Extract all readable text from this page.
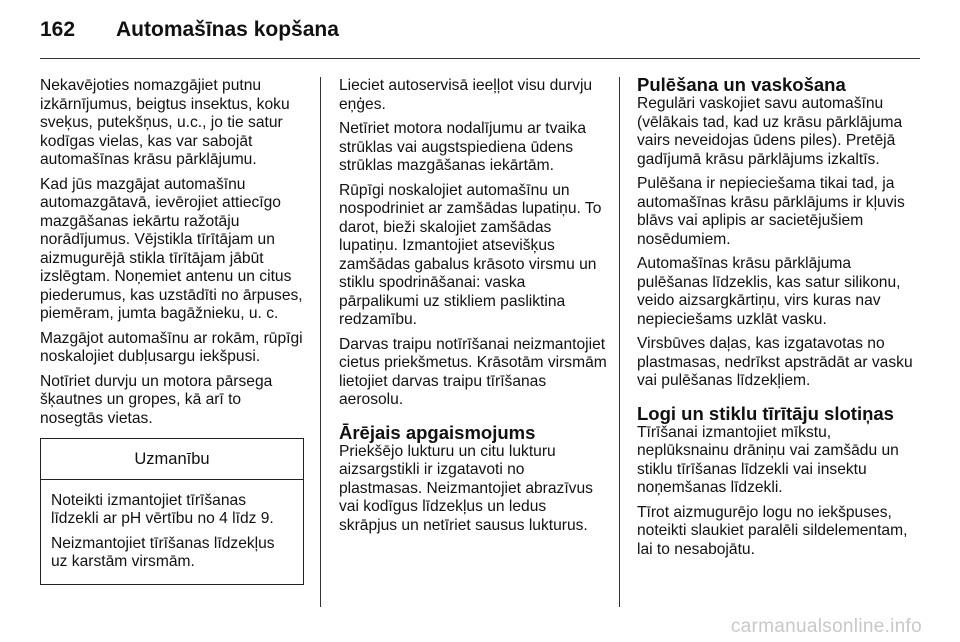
162	Automašīnas kopšana

Nekavējoties nomazgājiet putnu izkārnījumus, beigtus insektus, koku sveķus, putekšņus, u.c., jo tie satur kodīgas vielas, kas var sabojāt automašīnas krāsu pārklājumu.

Kad jūs mazgājat automašīnu automazgātavā, ievērojiet attiecīgo mazgāšanas iekārtu ražotāju norādījumus. Vējstikla tīrītājam un aizmugurējā stikla tīrītājam jābūt izslēgtam. Noņemiet antenu un citus piederumus, kas uzstādīti no ārpuses, piemēram, jumta bagāžnieku, u. c.

Mazgājot automašīnu ar rokām, rūpīgi noskalojiet dubļusargu iekšpusi.

Notīriet durvju un motora pārsega šķautnes un gropes, kā arī to nosegtās vietas.

Uzmanību

Noteikti izmantojiet tīrīšanas līdzekli ar pH vērtību no 4 līdz 9.

Neizmantojiet tīrīšanas līdzekļus uz karstām virsmām.

Lieciet autoservisā ieeļļot visu durvju eņģes.

Netīriet motora nodalījumu ar tvaika strūklas vai augstspiediena ūdens strūklas mazgāšanas iekārtām.

Rūpīgi noskalojiet automašīnu un nospodriniet ar zamšādas lupatiņu. To darot, bieži skalojiet zamšādas lupatiņu. Izmantojiet atsevišķus zamšādas gabalus krāsoto virsmu un stiklu spodrināšanai: vaska pārpalikumi uz stikliem pasliktina redzamību.

Darvas traipu notīrīšanai neizmantojiet cietus priekšmetus. Krāsotām virsmām lietojiet darvas traipu tīrīšanas aerosolu.

Ārējais apgaismojums

Priekšējo lukturu un citu lukturu aizsargstikli ir izgatavoti no plastmasas. Neizmantojiet abrazīvus vai kodīgus līdzekļus un ledus skrāpjus un netīriet sausus lukturus.

Pulēšana un vaskošana

Regulāri vaskojiet savu automašīnu (vēlākais tad, kad uz krāsu pārklājuma vairs neveidojas ūdens piles). Pretējā gadījumā krāsu pārklājums izkaltīs.

Pulēšana ir nepieciešama tikai tad, ja automašīnas krāsu pārklājums ir kļuvis blāvs vai aplipis ar sacietējušiem nosēdumiem.

Automašīnas krāsu pārklājuma pulēšanas līdzeklis, kas satur silikonu, veido aizsargkārtiņu, virs kuras nav nepieciešams uzklāt vasku.

Virsbūves daļas, kas izgatavotas no plastmasas, nedrīkst apstrādāt ar vasku vai pulēšanas līdzekļiem.

Logi un stiklu tīrītāju slotiņas

Tīrīšanai izmantojiet mīkstu, neplūksnainu drāniņu vai zamšādu un stiklu tīrīšanas līdzekli vai insektu noņemšanas līdzekli.

Tīrot aizmugurējo logu no iekšpuses, noteikti slaukiet paralēli sildelementam, lai to nesabojātu.

carmanualsonline.info
